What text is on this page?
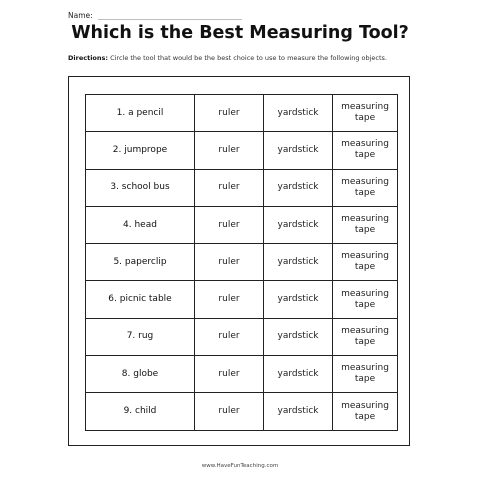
Name:
Which is the Best Measuring Tool?
Directions: Circle the tool that would be the best choice to use to measure the following objects.
1. a pencil	ruler	yardstick	measuring tape
2. jumprope	ruler	yardstick	measuring tape
3. school bus	ruler	yardstick	measuring tape
4. head	ruler	yardstick	measuring tape
5. paperclip	ruler	yardstick	measuring tape
6. picnic table	ruler	yardstick	measuring tape
7. rug	ruler	yardstick	measuring tape
8. globe	ruler	yardstick	measuring tape
9. child	ruler	yardstick	measuring tape
www.HaveFunTeaching.com
